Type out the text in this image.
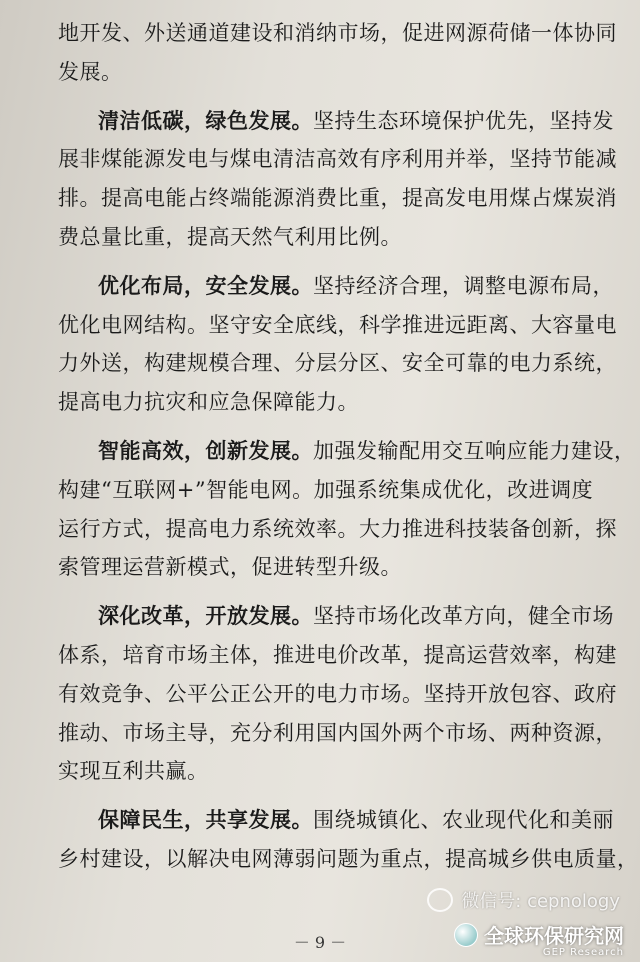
地开发、外送通道建设和消纳市场，促进网源荷储一体协同
发展。
清洁低碳，绿色发展。坚持生态环境保护优先，坚持发
展非煤能源发电与煤电清洁高效有序利用并举，坚持节能减
排。提高电能占终端能源消费比重，提高发电用煤占煤炭消
费总量比重，提高天然气利用比例。
优化布局，安全发展。坚持经济合理，调整电源布局，
优化电网结构。坚守安全底线，科学推进远距离、大容量电
力外送，构建规模合理、分层分区、安全可靠的电力系统，
提高电力抗灾和应急保障能力。
智能高效，创新发展。加强发输配用交互响应能力建设，
构建“互联网+”智能电网。加强系统集成优化，改进调度
运行方式，提高电力系统效率。大力推进科技装备创新，探
索管理运营新模式，促进转型升级。
深化改革，开放发展。坚持市场化改革方向，健全市场
体系，培育市场主体，推进电价改革，提高运营效率，构建
有效竞争、公平公正公开的电力市场。坚持开放包容、政府
推动、市场主导，充分利用国内国外两个市场、两种资源，
实现互利共赢。
保障民生，共享发展。围绕城镇化、农业现代化和美丽
乡村建设，以解决电网薄弱问题为重点，提高城乡供电质量，
－ 9 －
微信号: cepnology
全球环保研究网
GEP Research
